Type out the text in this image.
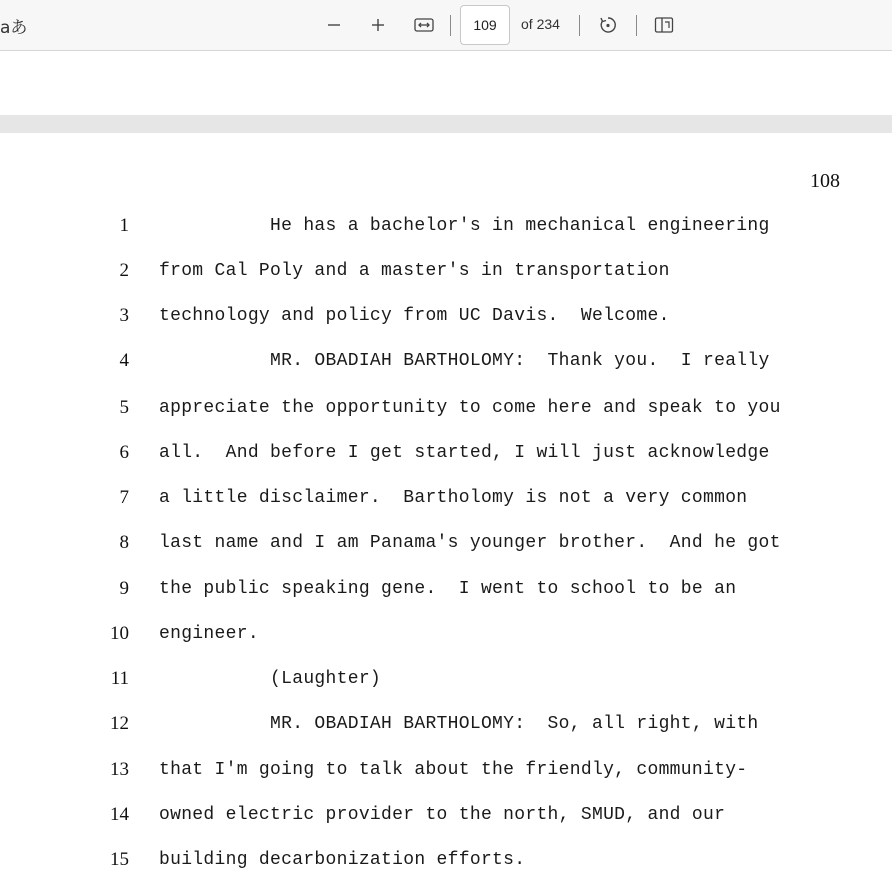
aあ
109	of 234
108
1 He has a bachelor's in mechanical engineering
2 from Cal Poly and a master's in transportation
3 technology and policy from UC Davis.  Welcome.
4 MR. OBADIAH BARTHOLOMY:  Thank you.  I really
5 appreciate the opportunity to come here and speak to you
6 all.  And before I get started, I will just acknowledge
7 a little disclaimer.  Bartholomy is not a very common
8 last name and I am Panama's younger brother.  And he got
9 the public speaking gene.  I went to school to be an
10 engineer.
11 (Laughter)
12 MR. OBADIAH BARTHOLOMY:  So, all right, with
13 that I'm going to talk about the friendly, community-
14 owned electric provider to the north, SMUD, and our
15 building decarbonization efforts.
